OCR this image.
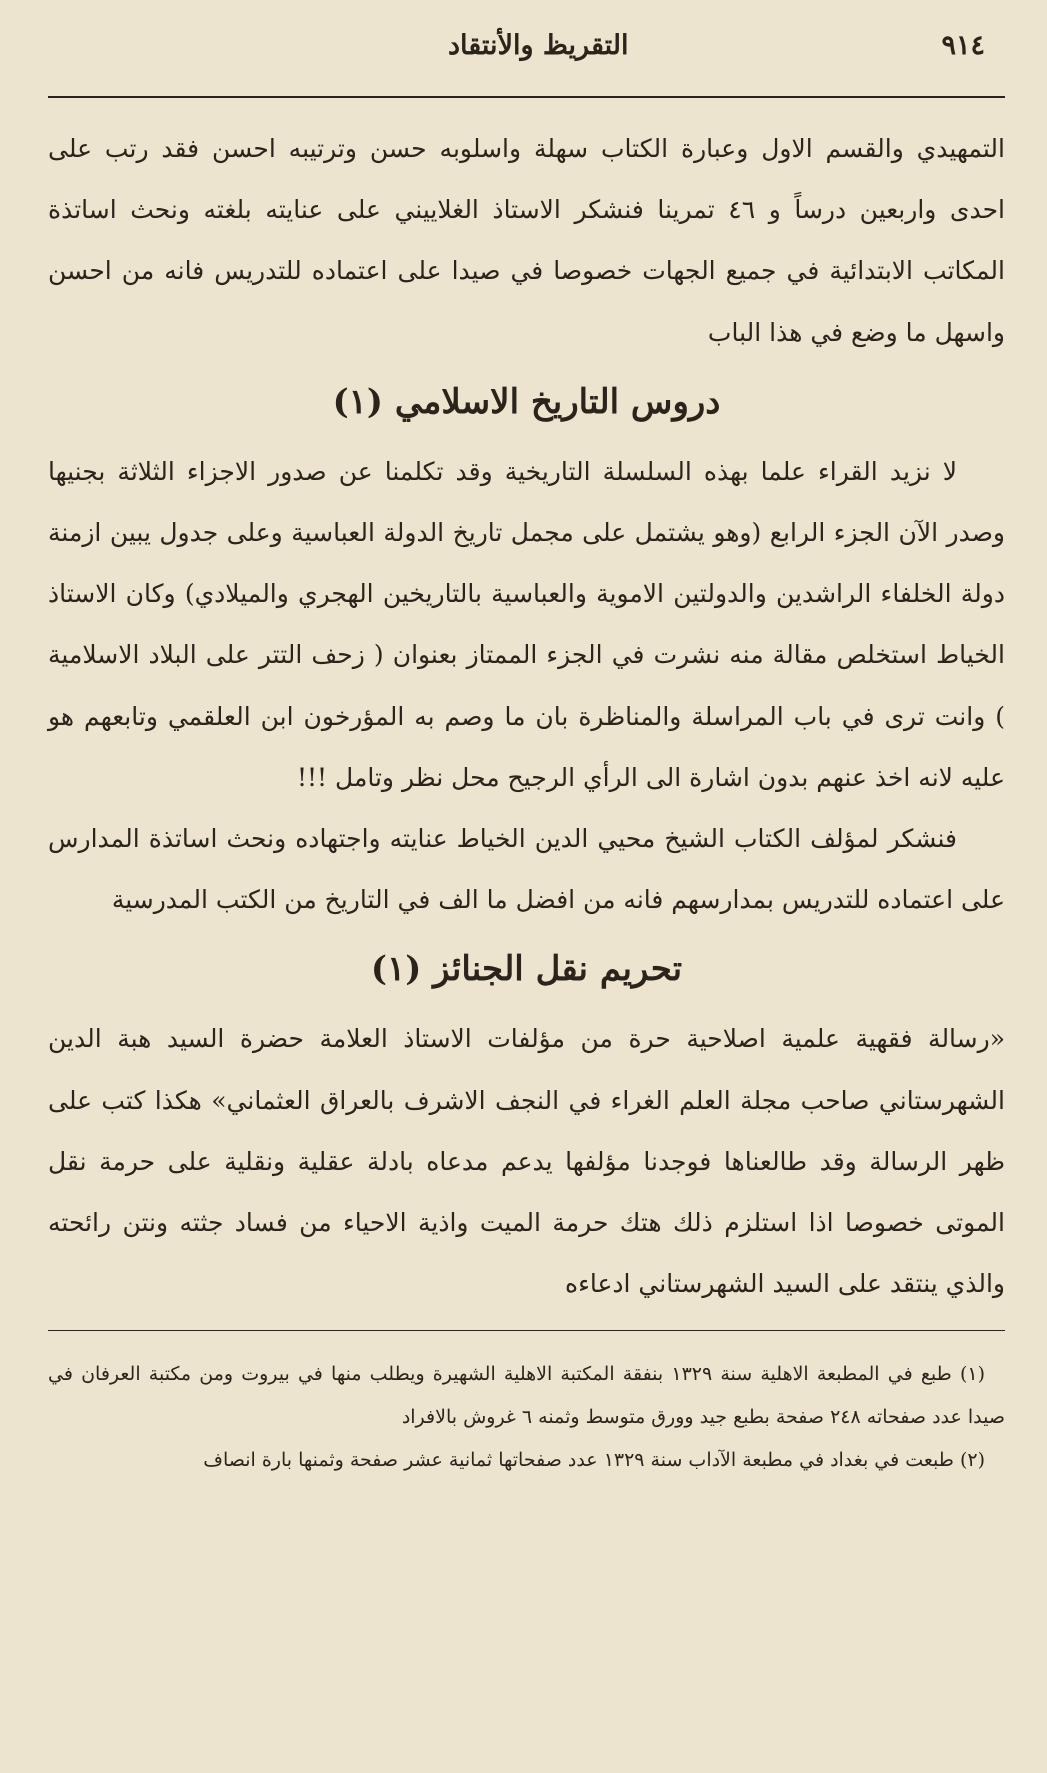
٩١٤
التقريظ والأنتقاد

التمهيدي والقسم الاول وعبارة الكتاب سهلة واسلوبه حسن وترتيبه احسن فقد رتب على احدى واربعين درساً و ٤٦ تمرينا فنشكر الاستاذ الغلاييني على عنايته بلغته ونحث اساتذة المكاتب الابتدائية في جميع الجهات خصوصا في صيدا على اعتماده للتدريس فانه من احسن واسهل ما وضع في هذا الباب

دروس التاريخ الاسلامي (١)

لا نزيد القراء علما بهذه السلسلة التاريخية وقد تكلمنا عن صدور الاجزاء الثلاثة بجنيها وصدر الآن الجزء الرابع (وهو يشتمل على مجمل تاريخ الدولة العباسية وعلى جدول يبين ازمنة دولة الخلفاء الراشدين والدولتين الاموية والعباسية بالتاريخين الهجري والميلادي) وكان الاستاذ الخياط استخلص مقالة منه نشرت في الجزء الممتاز بعنوان ( زحف التتر على البلاد الاسلامية ) وانت ترى في باب المراسلة والمناظرة بان ما وصم به المؤرخون ابن العلقمي وتابعهم هو عليه لانه اخذ عنهم بدون اشارة الى الرأي الرجيح محل نظر وتامل !!!

فنشكر لمؤلف الكتاب الشيخ محيي الدين الخياط عنايته واجتهاده ونحث اساتذة المدارس على اعتماده للتدريس بمدارسهم فانه من افضل ما الف في التاريخ من الكتب المدرسية

تحريم نقل الجنائز (١)

«رسالة فقهية علمية اصلاحية حرة من مؤلفات الاستاذ العلامة حضرة السيد هبة الدين الشهرستاني صاحب مجلة العلم الغراء في النجف الاشرف بالعراق العثماني» هكذا كتب على ظهر الرسالة وقد طالعناها فوجدنا مؤلفها يدعم مدعاه بادلة عقلية ونقلية على حرمة نقل الموتى خصوصا اذا استلزم ذلك هتك حرمة الميت واذية الاحياء من فساد جثته ونتن رائحته والذي ينتقد على السيد الشهرستاني ادعاءه

(١) طبع في المطبعة الاهلية سنة ١٣٢٩ بنفقة المكتبة الاهلية الشهيرة ويطلب منها في بيروت ومن مكتبة العرفان في صيدا عدد صفحاته ٢٤٨ صفحة بطبع جيد وورق متوسط وثمنه ٦ غروش بالافراد

(٢) طبعت في بغداد في مطبعة الآداب سنة ١٣٢٩ عدد صفحاتها ثمانية عشر صفحة وثمنها بارة انصاف
